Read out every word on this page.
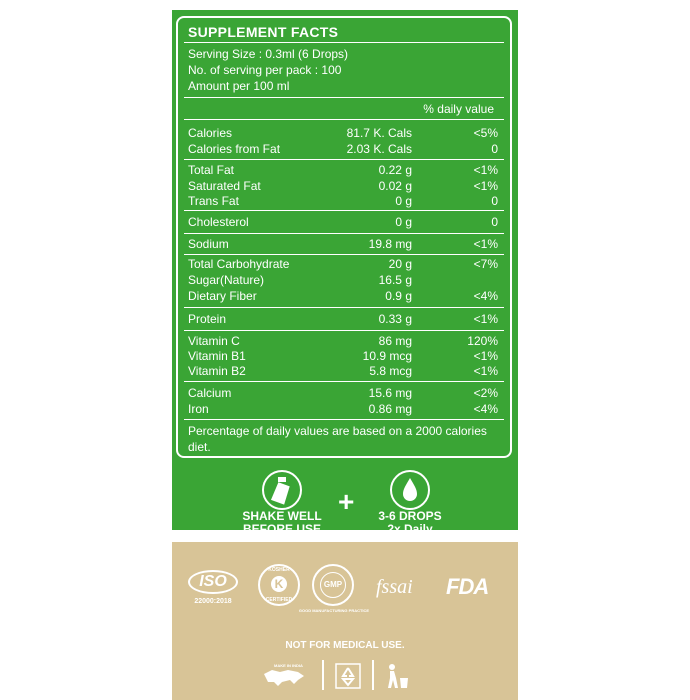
SUPPLEMENT FACTS
Serving Size : 0.3ml (6 Drops)
No. of serving per pack : 100
Amount per 100 ml
% daily value
Calories	81.7 K. Cals	<5%
Calories from Fat	2.03 K. Cals	0
Total Fat	0.22 g	<1%
Saturated Fat	0.02 g	<1%
Trans Fat	0 g	0
Cholesterol	0 g	0
Sodium	19.8 mg	<1%
Total Carbohydrate	20 g	<7%
Sugar(Nature)	16.5 g
Dietary Fiber	0.9 g	<4%
Protein	0.33 g	<1%
Vitamin C	86 mg	120%
Vitamin B1	10.9 mcg	<1%
Vitamin B2	5.8 mcg	<1%
Calcium	15.6 mg	<2%
Iron	0.86 mg	<4%
Percentage of daily values are based on a 2000 calories diet.
SHAKE WELL
BEFORE USE
+	3-6 DROPS
2x Daily
ISO
22000:2018
KOSHER
K
CERTIFIED
GMP
GOOD MANUFACTURING PRACTICE
fssai FDA
NOT FOR MEDICAL USE.
MAKE IN INDIA
